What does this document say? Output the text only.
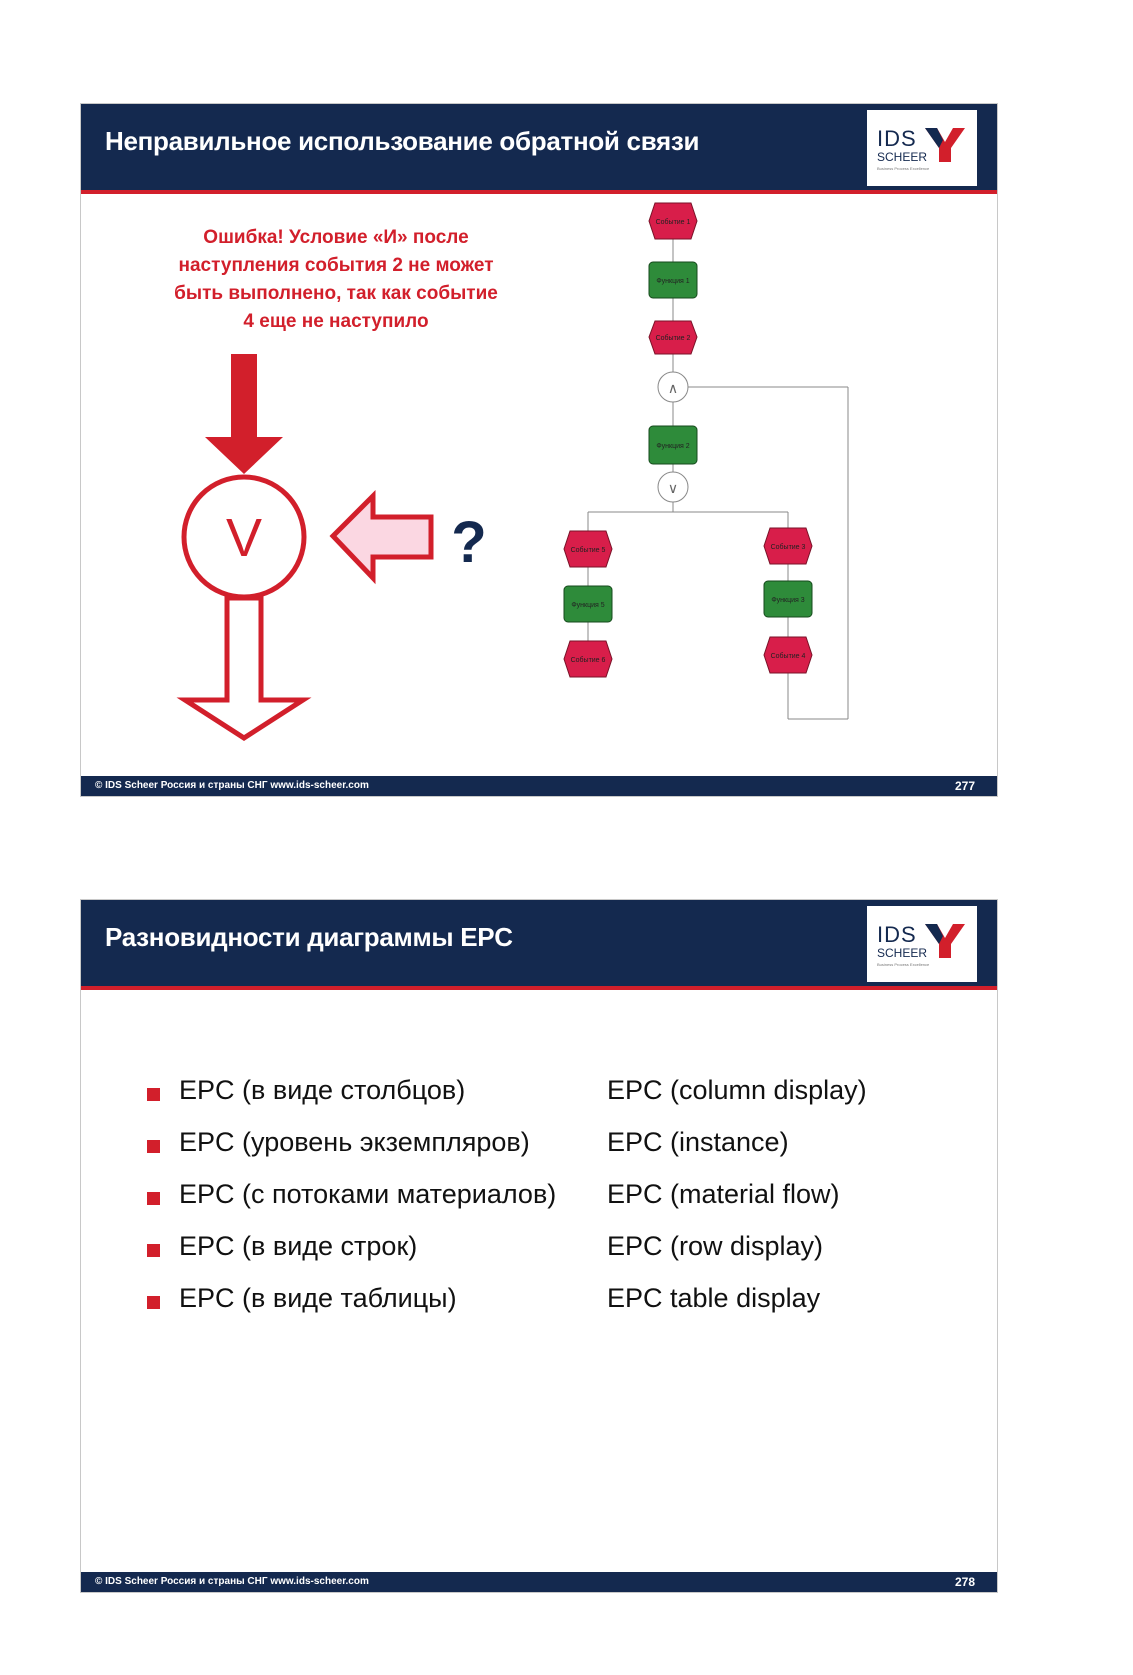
Неправильное использование обратной связи	IDS
SCHEER
Business Process Excellence
Ошибка! Условие «И» после наступления события 2 не может быть выполнено, так как событие 4 еще не наступило
V	?
Событие 1
Функция 1
Событие 2
∧
Функция 2
∨
Событие 5	Событие 3
Функция 5
Функция 3
Событие 6
Событие 4
© IDS Scheer Россия и страны СНГ www.ids-scheer.com	277
Разновидности диаграммы EPC	IDS
SCHEER
Business Process Excellence
EPC (в виде столбцов)	EPC (column display)
EPC (уровень экземпляров)	EPC (instance)
EPC (с потоками материалов) EPC (material flow)
EPC (в виде строк)	EPC (row display)
EPC (в виде таблицы)	EPC table display
© IDS Scheer Россия и страны СНГ www.ids-scheer.com	278
